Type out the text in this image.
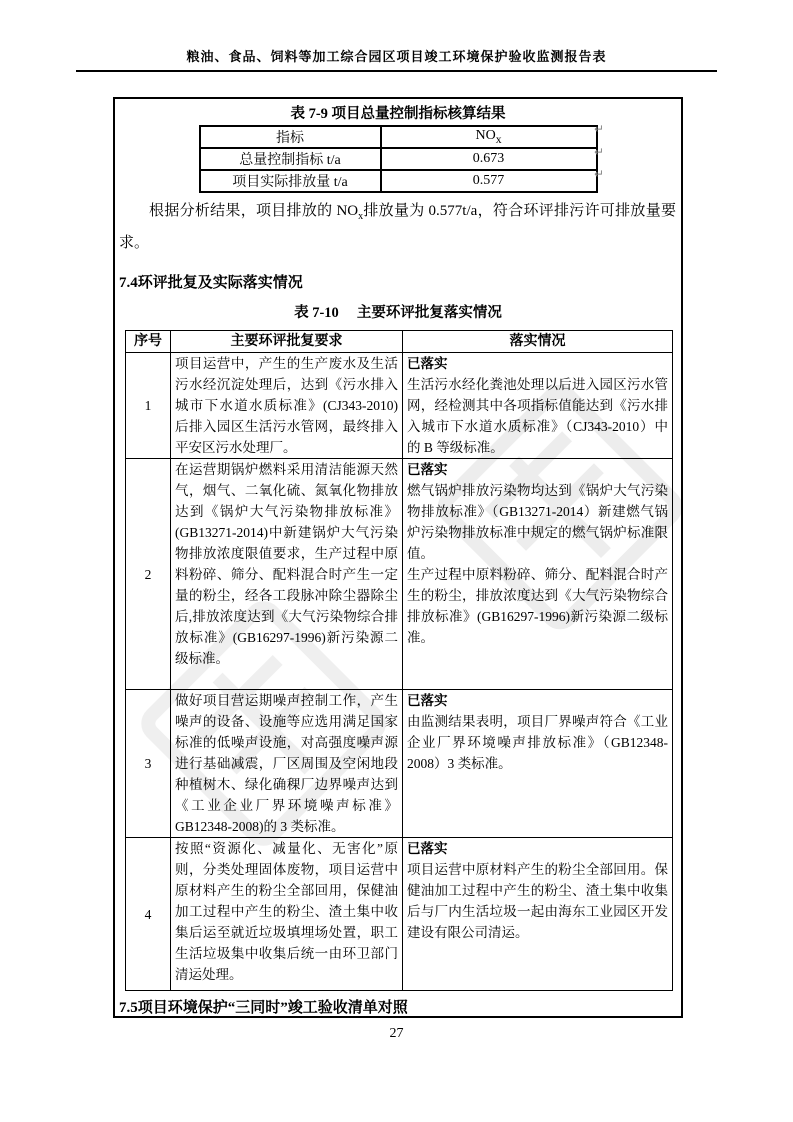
粮油、食品、饲料等加工综合园区项目竣工环境保护验收监测报告表
表 7-9 项目总量控制指标核算结果
指标	$NO_x$
总量控制指标 t/a	0.673
项目实际排放量 t/a	0.577
↵
↵
↵
根据分析结果，项目排放的 $NO_x$排放量为 0.577t/a，符合环评排污许可排放量要求。
7.4环评批复及实际落实情况
表 7-10　 主要环评批复落实情况
序号	主要环评批复要求	落实情况
1	项目运营中，产生的生产废水及生活污水经沉淀处理后，达到《污水排入城市下水道水质标准》(CJ343-2010)后排入园区生活污水管网，最终排入平安区污水处理厂。	已落实
生活污水经化粪池处理以后进入园区污水管网，经检测其中各项指标值能达到《污水排入城市下水道水质标准》（CJ343-2010）中的 B 等级标准。

2	在运营期锅炉燃料采用清洁能源天然气，烟气、二氧化硫、氮氧化物排放达到《锅炉大气污染物排放标准》(GB13271-2014)中新建锅炉大气污染物排放浓度限值要求，生产过程中原料粉碎、筛分、配料混合时产生一定量的粉尘，经各工段脉冲除尘器除尘后,排放浓度达到《大气污染物综合排放标准》(GB16297-1996)新污染源二级标准。	已落实
燃气锅炉排放污染物均达到《锅炉大气污染物排放标准》（GB13271-2014）新建燃气锅炉污染物排放标准中规定的燃气锅炉标准限值。
生产过程中原料粉碎、筛分、配料混合时产生的粉尘，排放浓度达到《大气污染物综合排放标准》(GB16297-1996)新污染源二级标准。

3	做好项目营运期噪声控制工作，产生噪声的设备、设施等应选用满足国家标准的低噪声设施，对高强度噪声源进行基础减震，厂区周围及空闲地段种植树木、绿化确稞厂边界噪声达到《工业企业厂界环境噪声标准》GB12348-2008)的 3 类标准。	已落实
由监测结果表明，项目厂界噪声符合《工业企业厂界环境噪声排放标准》（GB12348-2008）3 类标准。

4	按照“资源化、减量化、无害化”原则，分类处理固体废物，项目运营中原材料产生的粉尘全部回用，保健油加工过程中产生的粉尘、渣土集中收集后运至就近垃圾填埋场处置，职工生活垃圾集中收集后统一由环卫部门清运处理。	已落实
项目运营中原材料产生的粉尘全部回用。保健油加工过程中产生的粉尘、渣土集中收集后与厂内生活垃圾一起由海东工业园区开发建设有限公司清运。
7.5项目环境保护“三同时”竣工验收清单对照
27
